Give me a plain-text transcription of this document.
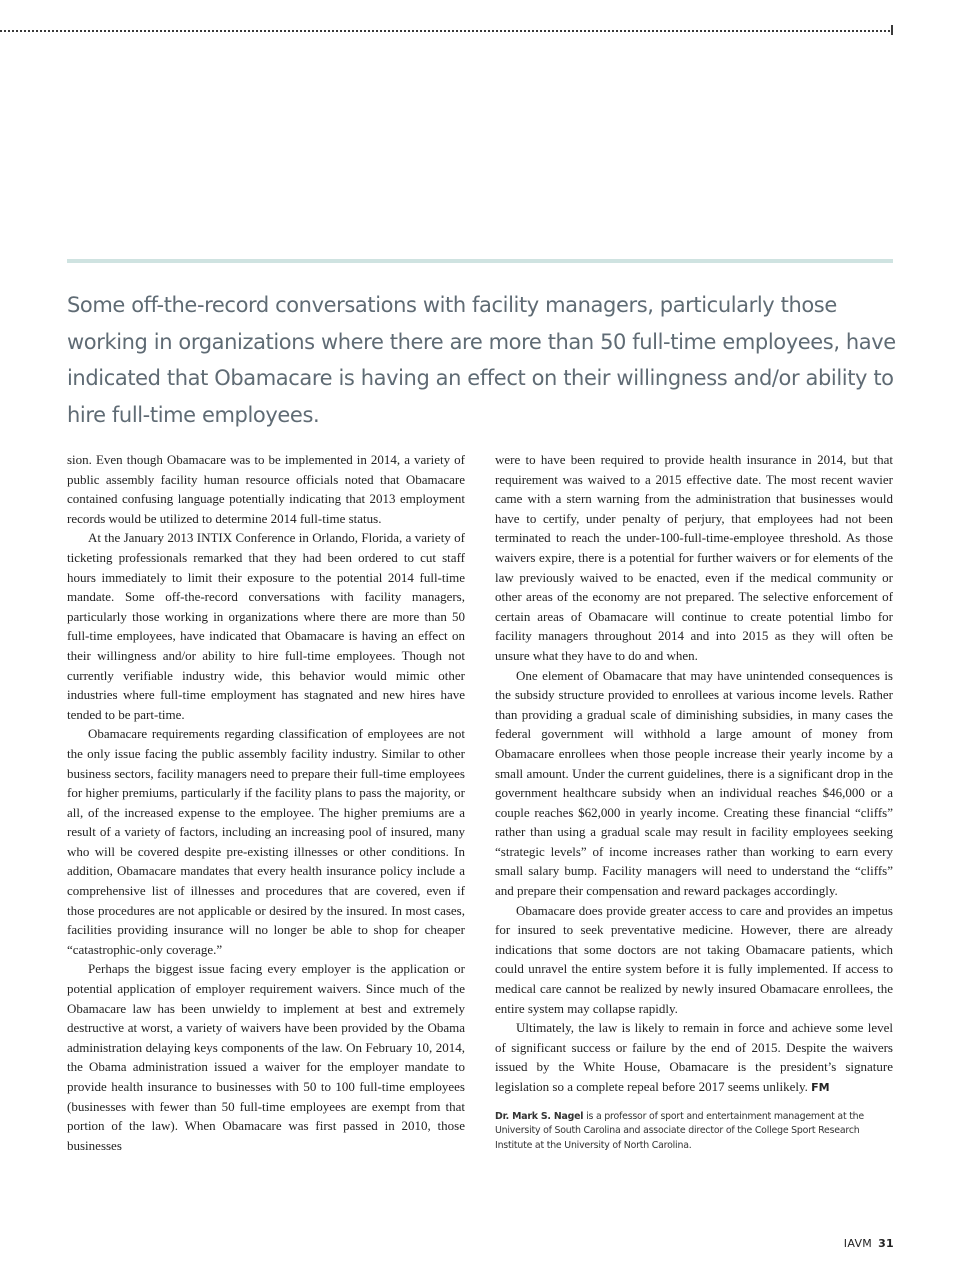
Some off-the-record conversations with facility managers, particularly those working in organizations where there are more than 50 full-time employees, have indicated that Obamacare is having an effect on their willingness and/or ability to hire full-time employees.

sion. Even though Obamacare was to be implemented in 2014, a variety of public assembly facility human resource officials noted that Obamacare contained confusing language potentially indicating that 2013 employment records would be utilized to determine 2014 full-time status.

At the January 2013 INTIX Conference in Orlando, Florida, a variety of ticketing professionals remarked that they had been ordered to cut staff hours immediately to limit their exposure to the potential 2014 full-time mandate. Some off-the-record conversations with facility managers, particularly those working in organizations where there are more than 50 full-time employees, have indicated that Obamacare is having an effect on their willingness and/or ability to hire full-time employees. Though not currently verifiable industry wide, this behavior would mimic other industries where full-time employment has stagnated and new hires have tended to be part-time.

Obamacare requirements regarding classification of employees are not the only issue facing the public assembly facility industry. Similar to other business sectors, facility managers need to prepare their full-time employees for higher premiums, particularly if the facility plans to pass the majority, or all, of the increased expense to the employee. The higher premiums are a result of a variety of factors, including an increasing pool of insured, many who will be covered despite pre-existing illnesses or other conditions. In addition, Obamacare mandates that every health insurance policy include a comprehensive list of illnesses and procedures that are covered, even if those procedures are not applicable or desired by the insured. In most cases, facilities providing insurance will no longer be able to shop for cheaper “catastrophic-only coverage.”

Perhaps the biggest issue facing every employer is the application or potential application of employer requirement waivers. Since much of the Obamacare law has been unwieldy to implement at best and extremely destructive at worst, a variety of waivers have been provided by the Obama administration delaying keys components of the law. On February 10, 2014, the Obama administration issued a waiver for the employer mandate to provide health insurance to businesses with 50 to 100 full-time employees (businesses with fewer than 50 full-time employees are exempt from that portion of the law). When Obamacare was first passed in 2010, those businesses

were to have been required to provide health insurance in 2014, but that requirement was waived to a 2015 effective date. The most recent wavier came with a stern warning from the administration that businesses would have to certify, under penalty of perjury, that employees had not been terminated to reach the under-100-full-time-employee threshold. As those waivers expire, there is a potential for further waivers or for elements of the law previously waived to be enacted, even if the medical community or other areas of the economy are not prepared. The selective enforcement of certain areas of Obamacare will continue to create potential limbo for facility managers throughout 2014 and into 2015 as they will often be unsure what they have to do and when.

One element of Obamacare that may have unintended consequences is the subsidy structure provided to enrollees at various income levels. Rather than providing a gradual scale of diminishing subsidies, in many cases the federal government will withhold a large amount of money from Obamacare enrollees when those people increase their yearly income by a small amount. Under the current guidelines, there is a significant drop in the government healthcare subsidy when an individual reaches $46,000 or a couple reaches $62,000 in yearly income. Creating these financial “cliffs” rather than using a gradual scale may result in facility employees seeking “strategic levels” of income increases rather than working to earn every small salary bump. Facility managers will need to understand the “cliffs” and prepare their compensation and reward packages accordingly.

Obamacare does provide greater access to care and provides an impetus for insured to seek preventative medicine. However, there are already indications that some doctors are not taking Obamacare patients, which could unravel the entire system before it is fully implemented. If access to medical care cannot be realized by newly insured Obamacare enrollees, the entire system may collapse rapidly.

Ultimately, the law is likely to remain in force and achieve some level of significant success or failure by the end of 2015. Despite the waivers issued by the White House, Obamacare is the president’s signature legislation so a complete repeal before 2017 seems unlikely. FM

Dr. Mark S. Nagel is a professor of sport and entertainment management at the University of South Carolina and associate director of the College Sport Research Institute at the University of North Carolina.

IAVM 31
